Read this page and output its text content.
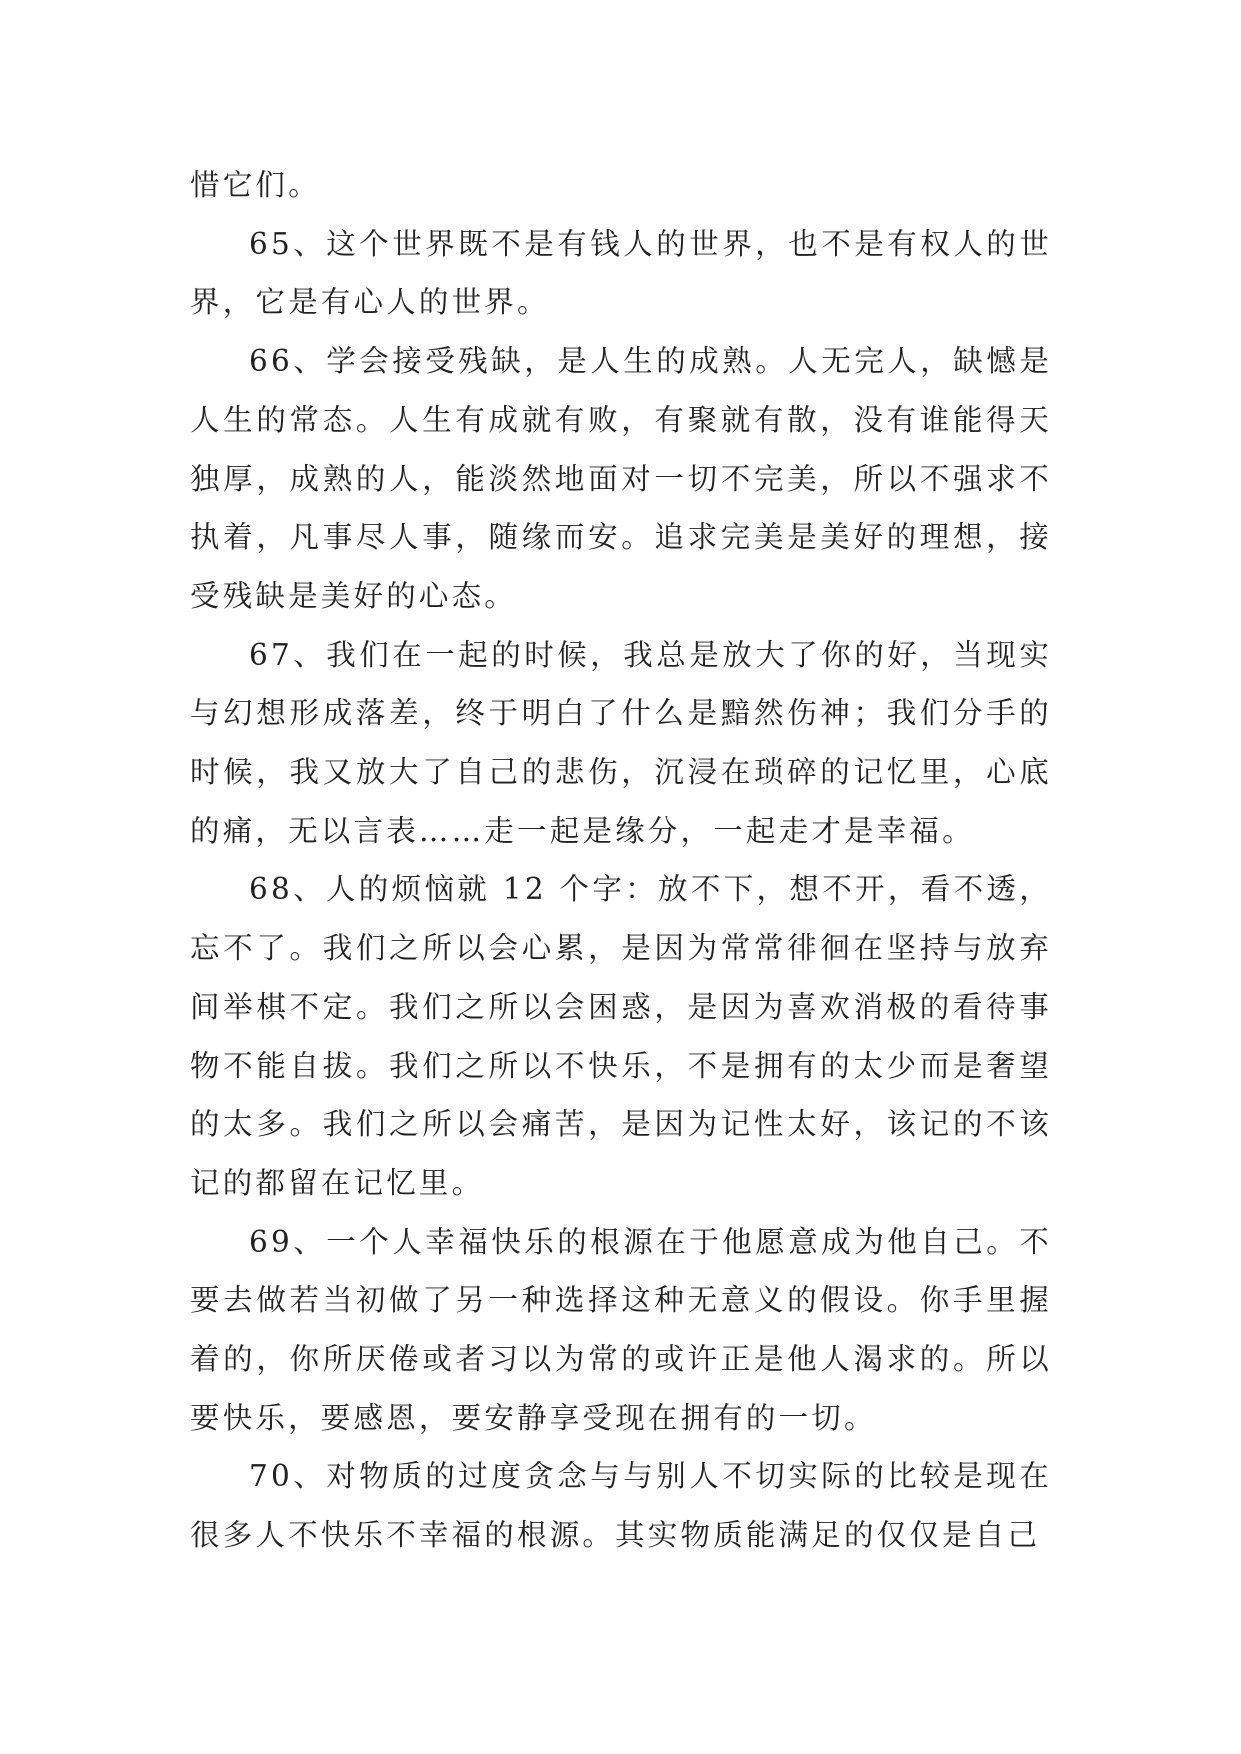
惜它们。

65、这个世界既不是有钱人的世界，也不是有权人的世界，它是有心人的世界。

66、学会接受残缺，是人生的成熟。人无完人，缺憾是人生的常态。人生有成就有败，有聚就有散，没有谁能得天独厚，成熟的人，能淡然地面对一切不完美，所以不强求不执着，凡事尽人事，随缘而安。追求完美是美好的理想，接受残缺是美好的心态。

67、我们在一起的时候，我总是放大了你的好，当现实与幻想形成落差，终于明白了什么是黯然伤神；我们分手的时候，我又放大了自己的悲伤，沉浸在琐碎的记忆里，心底的痛，无以言表……走一起是缘分，一起走才是幸福。

68、人的烦恼就 12 个字：放不下，想不开，看不透，忘不了。我们之所以会心累，是因为常常徘徊在坚持与放弃间举棋不定。我们之所以会困惑，是因为喜欢消极的看待事物不能自拔。我们之所以不快乐，不是拥有的太少而是奢望的太多。我们之所以会痛苦，是因为记性太好，该记的不该记的都留在记忆里。

69、一个人幸福快乐的根源在于他愿意成为他自己。不要去做若当初做了另一种选择这种无意义的假设。你手里握着的，你所厌倦或者习以为常的或许正是他人渴求的。所以要快乐，要感恩，要安静享受现在拥有的一切。

70、对物质的过度贪念与与别人不切实际的比较是现在很多人不快乐不幸福的根源。其实物质能满足的仅仅是自己
